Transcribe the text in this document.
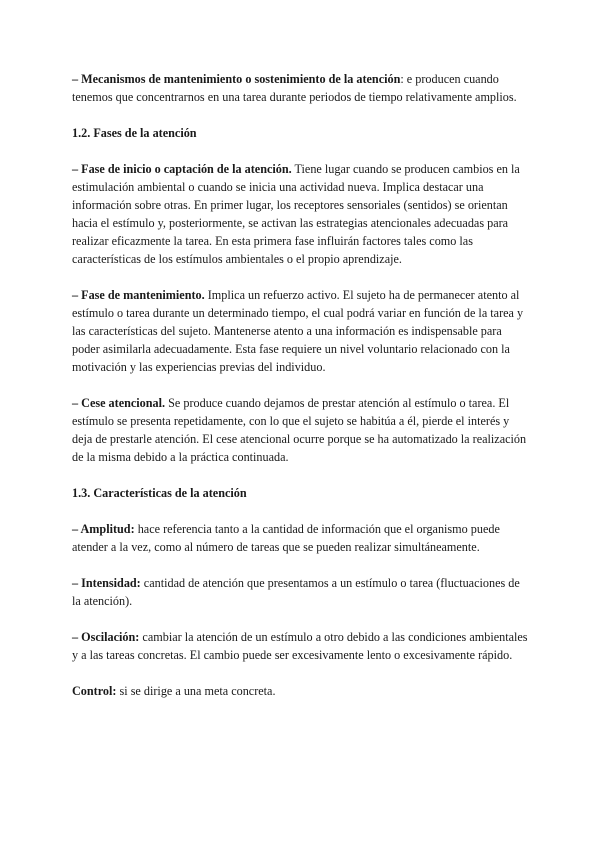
– Mecanismos de mantenimiento o sostenimiento de la atención: e producen cuando tenemos que concentrarnos en una tarea durante periodos de tiempo relativamente amplios.

1.2. Fases de la atención

– Fase de inicio o captación de la atención. Tiene lugar cuando se producen cambios en la estimulación ambiental o cuando se inicia una actividad nueva. Implica destacar una información sobre otras. En primer lugar, los receptores sensoriales (sentidos) se orientan hacia el estímulo y, posteriormente, se activan las estrategias atencionales adecuadas para realizar eficazmente la tarea. En esta primera fase influirán factores tales como las características de los estímulos ambientales o el propio aprendizaje.

– Fase de mantenimiento. Implica un refuerzo activo. El sujeto ha de permanecer atento al estímulo o tarea durante un determinado tiempo, el cual podrá variar en función de la tarea y las características del sujeto. Mantenerse atento a una información es indispensable para poder asimilarla adecuadamente. Esta fase requiere un nivel voluntario relacionado con la motivación y las experiencias previas del individuo.

– Cese atencional. Se produce cuando dejamos de prestar atención al estímulo o tarea. El estímulo se presenta repetidamente, con lo que el sujeto se habitúa a él, pierde el interés y deja de prestarle atención. El cese atencional ocurre porque se ha automatizado la realización de la misma debido a la práctica continuada.

1.3. Características de la atención

– Amplitud: hace referencia tanto a la cantidad de información que el organismo puede atender a la vez, como al número de tareas que se pueden realizar simultáneamente.

– Intensidad: cantidad de atención que presentamos a un estímulo o tarea (fluctuaciones de la atención).

– Oscilación: cambiar la atención de un estímulo a otro debido a las condiciones ambientales y a las tareas concretas. El cambio puede ser excesivamente lento o excesivamente rápido.

Control: si se dirige a una meta concreta.
